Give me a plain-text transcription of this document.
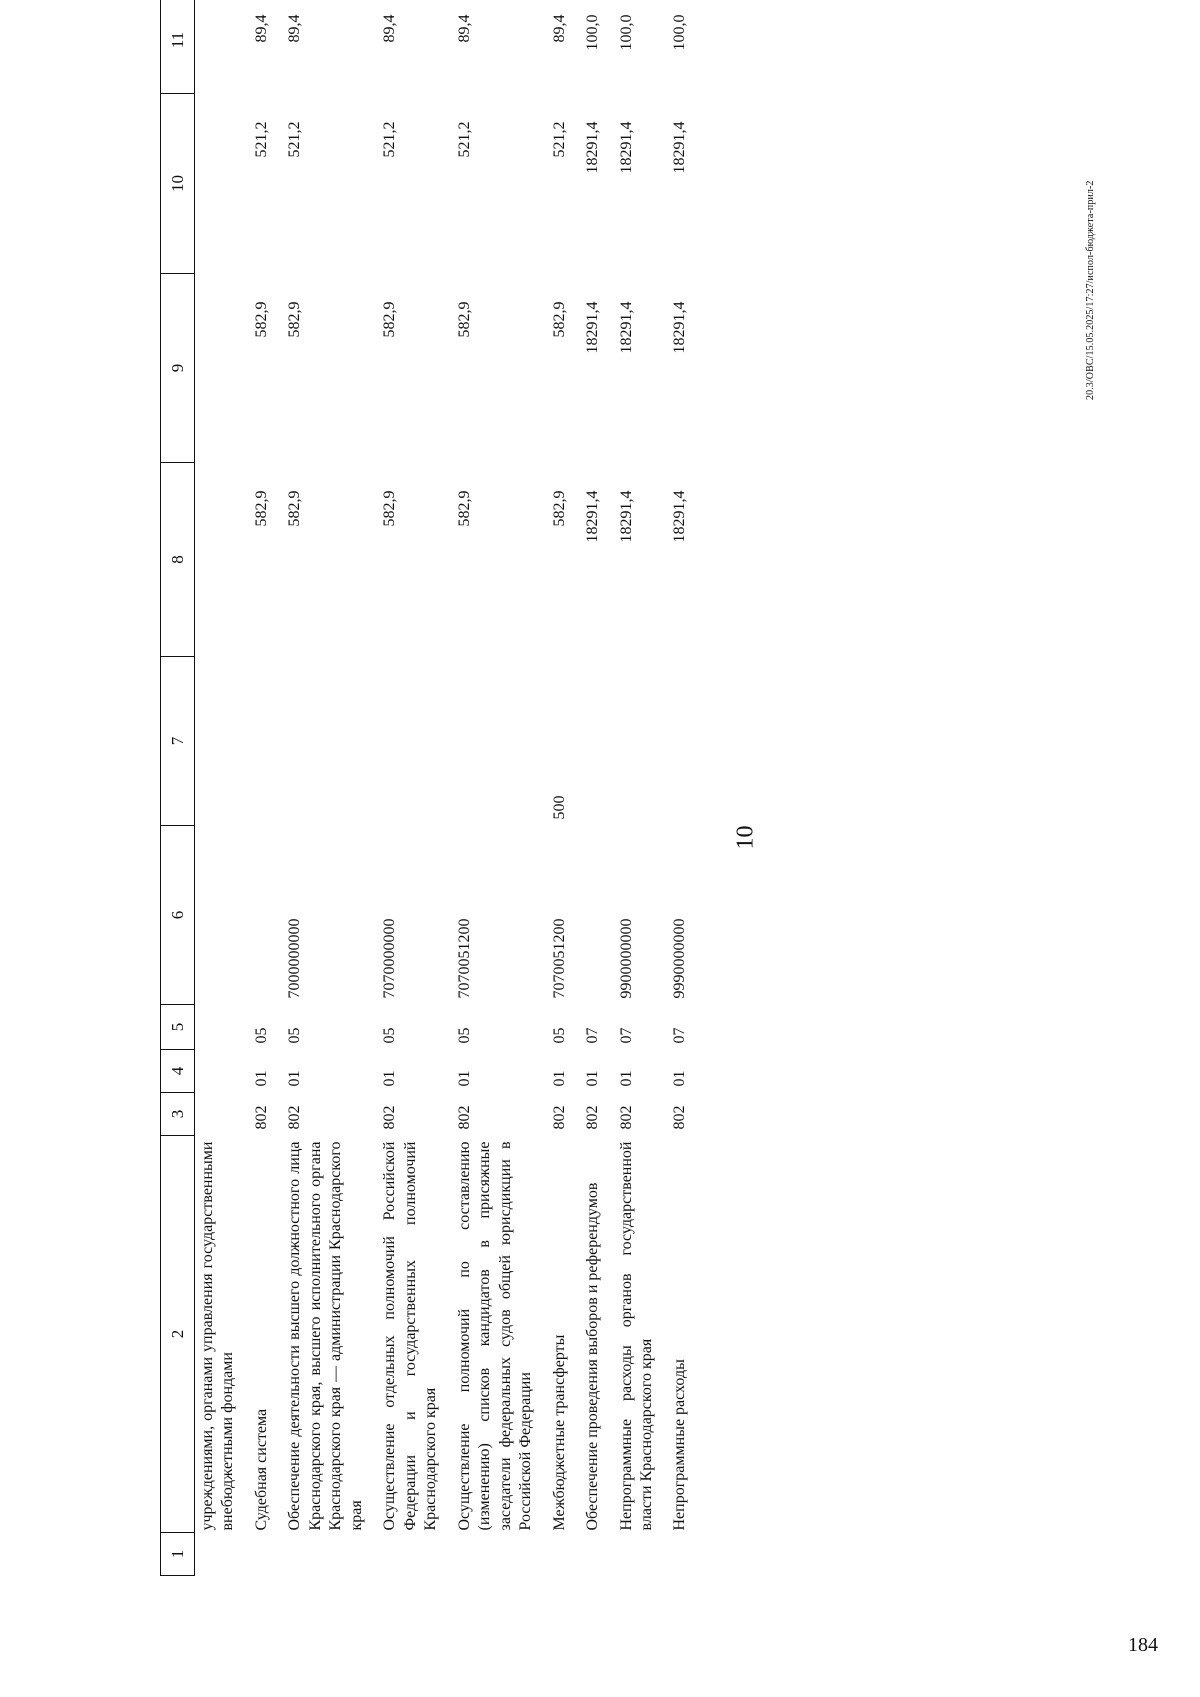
10
1	2	3	4	5	6	7	8	9	10	11
	учреждениями, органами управления государственными внебюджетными фондами									
	Судебная система	802	01	05			582,9	582,9	521,2	89,4
	Обеспечение деятельности высшего должностного лица Краснодарского края, высшего исполнительного органа Краснодарского края — администрации Краснодарского края	802	01	05	7000000000		582,9	582,9	521,2	89,4
	Осуществление отдельных полномочий Российской Федерации и государственных полномочий Краснодарского края	802	01	05	7070000000		582,9	582,9	521,2	89,4
	Осуществление полномочий по составлению (изменению) списков кандидатов в присяжные заседатели федеральных судов общей юрисдикции в Российской Федерации	802	01	05	7070051200		582,9	582,9	521,2	89,4
	Межбюджетные трансферты	802	01	05	7070051200	500	582,9	582,9	521,2	89,4
	Обеспечение проведения выборов и референдумов	802	01	07			18291,4	18291,4	18291,4	100,0
	Непрограммные расходы органов государственной власти Краснодарского края	802	01	07	9900000000		18291,4	18291,4	18291,4	100,0
	Непрограммные расходы	802	01	07	9990000000		18291,4	18291,4	18291,4	100,0
20.3/ОВС/15.05.2025/17:27/испол-бюджета-прил-2
184
